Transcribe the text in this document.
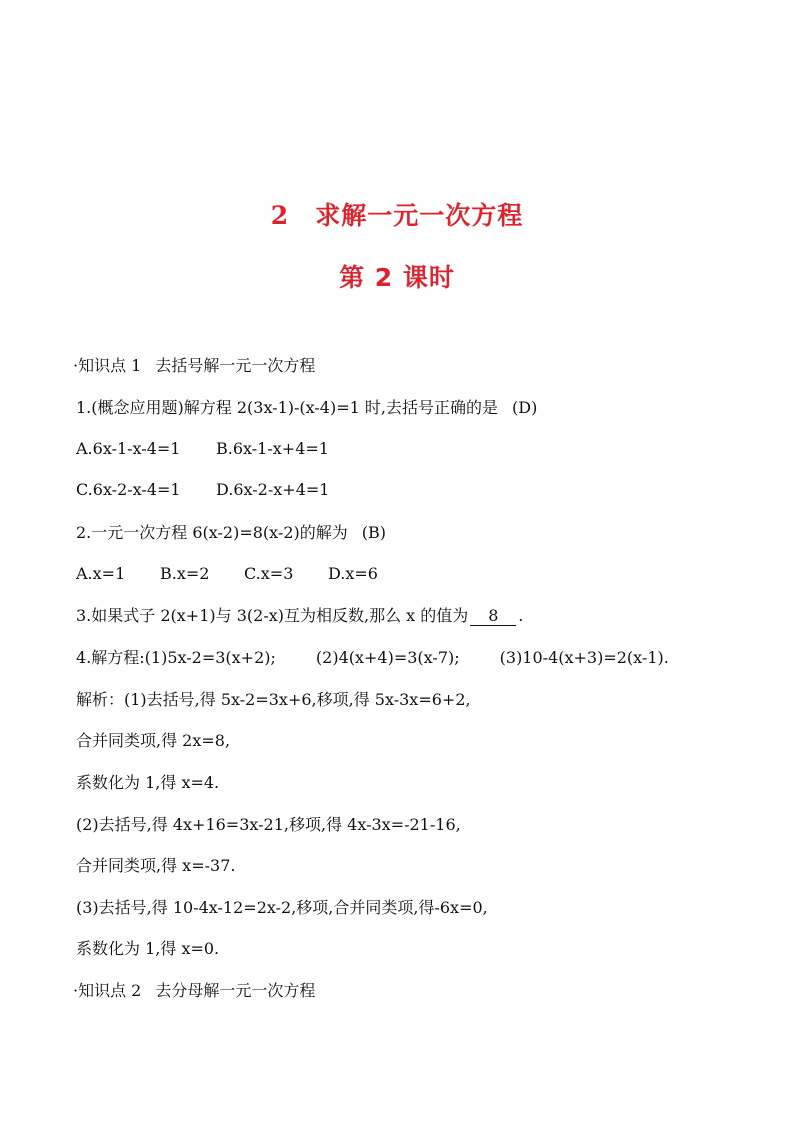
2 求解一元一次方程
第 2 课时
·知识点 1 去括号解一元一次方程
1.(概念应用题)解方程 2(3x-1)-(x-4)=1 时,去括号正确的是 (D)
A.6x-1-x-4=1 B.6x-1-x+4=1
C.6x-2-x-4=1 D.6x-2-x+4=1
2.一元一次方程 6(x-2)=8(x-2)的解为 (B)
A.x=1 B.x=2 C.x=3 D.x=6
3.如果式子 2(x+1)与 3(2-x)互为相反数,那么 x 的值为 8 .
4.解方程:(1)5x-2=3(x+2);	(2)4(x+4)=3(x-7);	(3)10-4(x+3)=2(x-1).
解析：(1)去括号,得 5x-2=3x+6,移项,得 5x-3x=6+2,
合并同类项,得 2x=8,
系数化为 1,得 x=4.
(2)去括号,得 4x+16=3x-21,移项,得 4x-3x=-21-16,
合并同类项,得 x=-37.
(3)去括号,得 10-4x-12=2x-2,移项,合并同类项,得-6x=0,
系数化为 1,得 x=0.
·知识点 2 去分母解一元一次方程
